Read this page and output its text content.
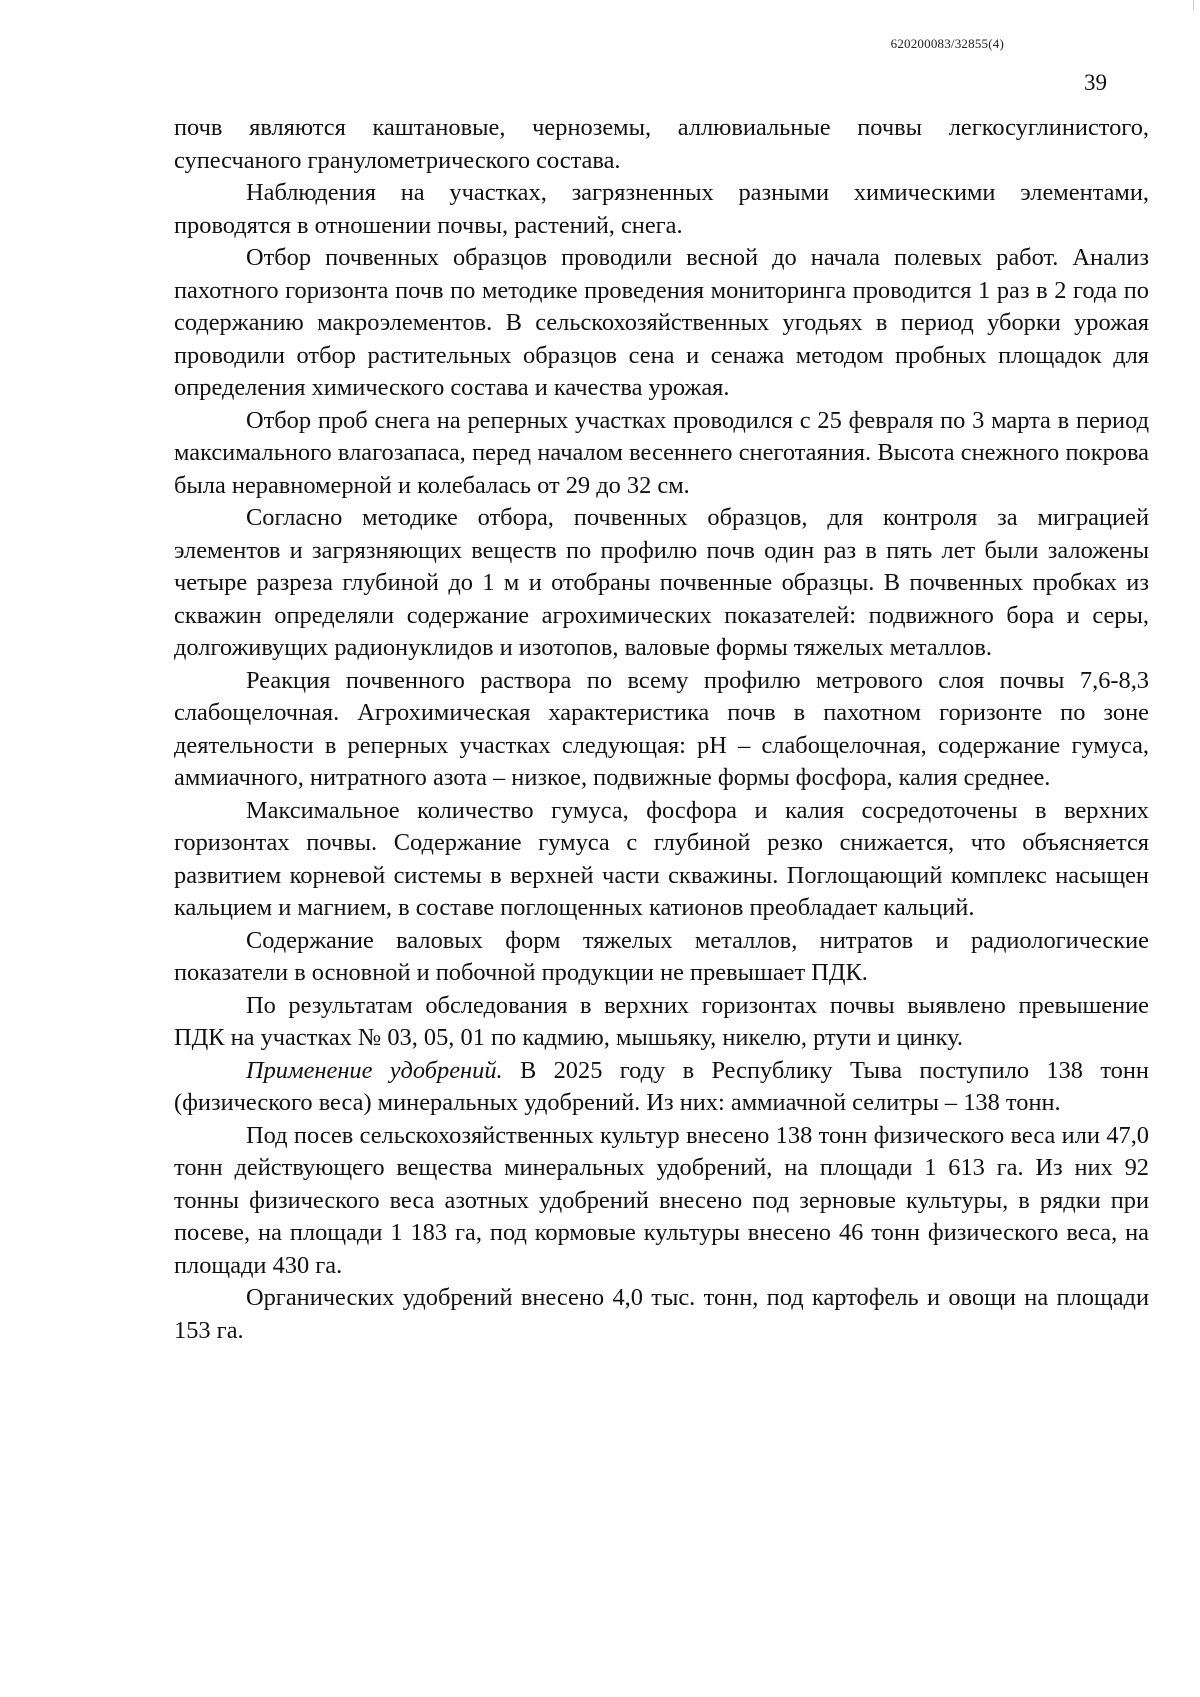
620200083/32855(4)
39

почв являются каштановые, черноземы, аллювиальные почвы легкосуглинистого, супесчаного гранулометрического состава.

Наблюдения на участках, загрязненных разными химическими элементами, проводятся в отношении почвы, растений, снега.

Отбор почвенных образцов проводили весной до начала полевых работ. Анализ пахотного горизонта почв по методике проведения мониторинга проводится 1 раз в 2 года по содержанию макроэлементов. В сельскохозяйственных угодьях в период уборки урожая проводили отбор растительных образцов сена и сенажа методом пробных площадок для определения химического состава и качества урожая.

Отбор проб снега на реперных участках проводился с 25 февраля по 3 марта в период максимального влагозапаса, перед началом весеннего снеготаяния. Высота снежного покрова была неравномерной и колебалась от 29 до 32 см.

Согласно методике отбора, почвенных образцов, для контроля за миграцией элементов и загрязняющих веществ по профилю почв один раз в пять лет были заложены четыре разреза глубиной до 1 м и отобраны почвенные образцы. В почвенных пробках из скважин определяли содержание агрохимических показателей: подвижного бора и серы, долгоживущих радионуклидов и изотопов, валовые формы тяжелых металлов.

Реакция почвенного раствора по всему профилю метрового слоя почвы 7,6-8,3 слабощелочная. Агрохимическая характеристика почв в пахотном горизонте по зоне деятельности в реперных участках следующая: pH – слабощелочная, содержание гумуса, аммиачного, нитратного азота – низкое, подвижные формы фосфора, калия среднее.

Максимальное количество гумуса, фосфора и калия сосредоточены в верхних горизонтах почвы. Содержание гумуса с глубиной резко снижается, что объясняется развитием корневой системы в верхней части скважины. Поглощающий комплекс насыщен кальцием и магнием, в составе поглощенных катионов преобладает кальций.

Содержание валовых форм тяжелых металлов, нитратов и радиологические показатели в основной и побочной продукции не превышает ПДК.

По результатам обследования в верхних горизонтах почвы выявлено превышение ПДК на участках № 03, 05, 01 по кадмию, мышьяку, никелю, ртути и цинку.

Применение удобрений. В 2025 году в Республику Тыва поступило 138 тонн (физического веса) минеральных удобрений. Из них: аммиачной селитры – 138 тонн.

Под посев сельскохозяйственных культур внесено 138 тонн физического веса или 47,0 тонн действующего вещества минеральных удобрений, на площади 1 613 га. Из них 92 тонны физического веса азотных удобрений внесено под зерновые культуры, в рядки при посеве, на площади 1 183 га, под кормовые культуры внесено 46 тонн физического веса, на площади 430 га.

Органических удобрений внесено 4,0 тыс. тонн, под картофель и овощи на площади 153 га.
